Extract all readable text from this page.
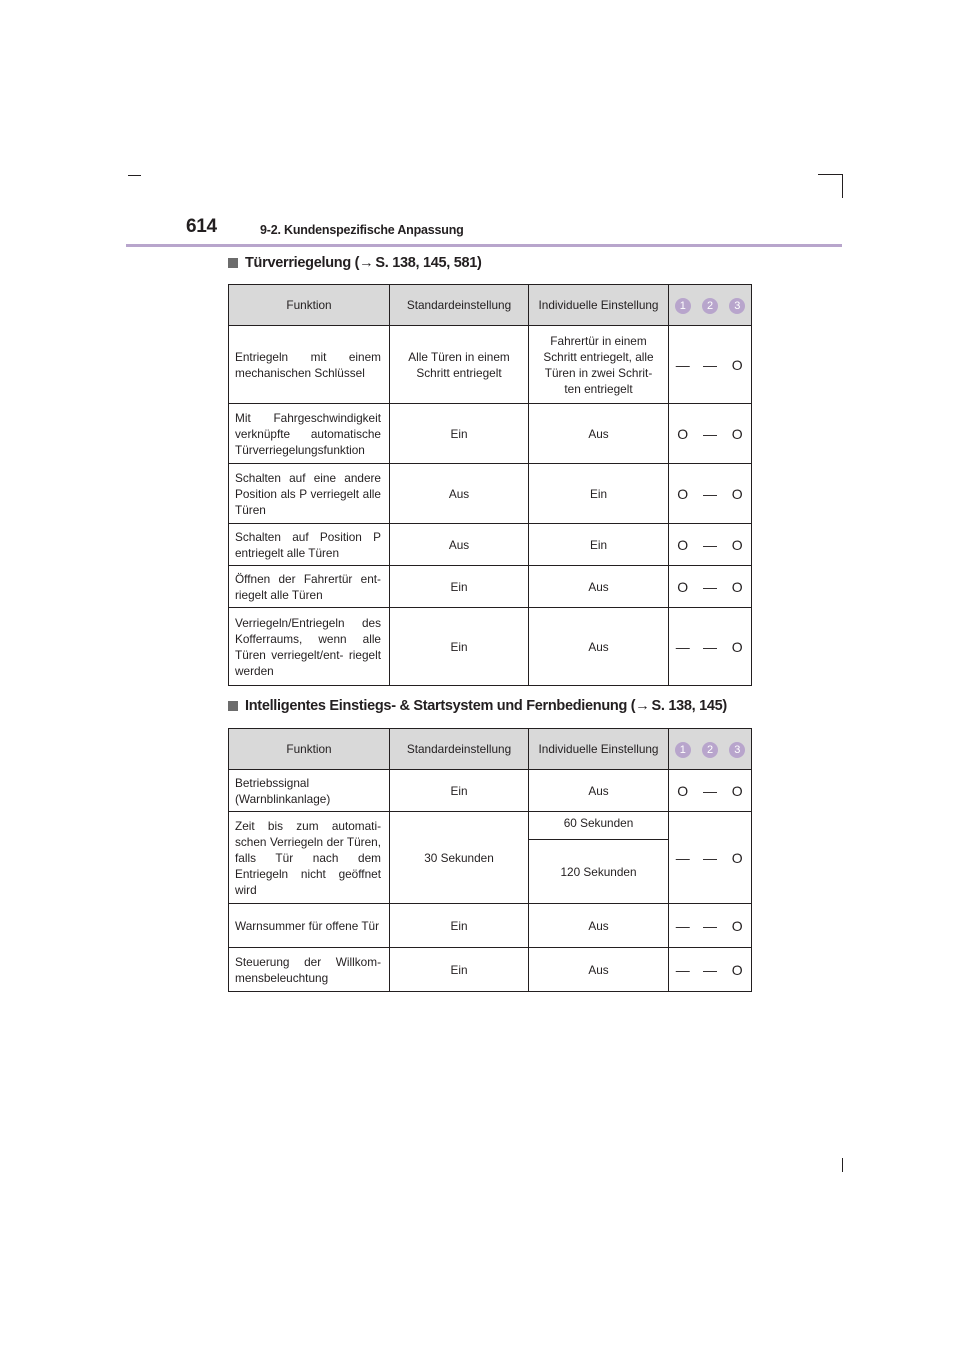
614	9-2. Kundenspezifische Anpassung
Türverriegelung ( → S. 138, 145, 581)
Funktion	Standardeinstellung	Individuelle Einstellung	1	2	3
Entriegeln mit einem mechanischen Schlüssel	Alle Türen in einem Schritt entriegelt	Fahrertür in einem Schritt entriegelt, alle Türen in zwei Schrit- ten entriegelt	—	—	O
Mit Fahrgeschwindigkeit verknüpfte automatische Türverriegelungsfunktion	Ein	Aus	O	—	O
Schalten auf eine andere Position als P verriegelt alle Türen	Aus	Ein	O	—	O
Schalten auf Position P entriegelt alle Türen	Aus	Ein	O	—	O
Öffnen der Fahrertür ent- riegelt alle Türen	Ein	Aus	O	—	O
Verriegeln/Entriegeln des Kofferraums, wenn alle Türen verriegelt/ent- riegelt werden	Ein	Aus	—	—	O
Intelligentes Einstiegs- & Startsystem und Fernbedienung ( → S. 138, 145)
Funktion	Standardeinstellung	Individuelle Einstellung	1	2	3
Betriebssignal (Warnblinkanlage)	Ein	Aus	O	—	O
Zeit bis zum automati- schen Verriegeln der Türen, falls Tür nach dem Entriegeln nicht geöffnet wird	30 Sekunden	60 Sekunden	—	—	O
		120 Sekunden			
Warnsummer für offene Tür	Ein	Aus	—	—	O
Steuerung der Willkom- mensbeleuchtung	Ein	Aus	—	—	O
